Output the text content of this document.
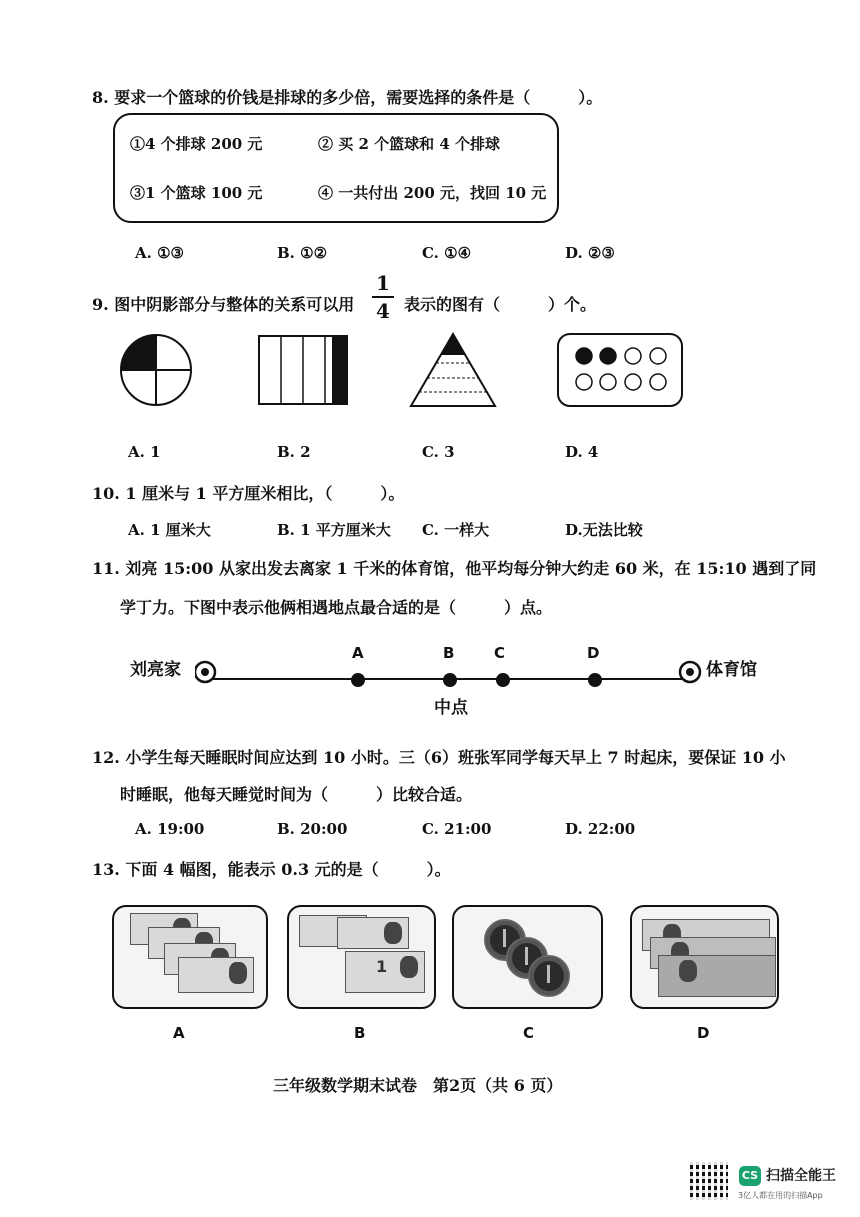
8. 要求一个篮球的价钱是排球的多少倍，需要选择的条件是（　　　）。
①4 个排球 200 元	② 买 2 个篮球和 4 个排球
③1 个篮球 100 元	④ 一共付出 200 元，找回 10 元
A. ①③	B. ①②	C. ①④	D. ②③
9. 图中阴影部分与整体的关系可以用
1
4 表示的图有（　　　）个。
A. 1	B. 2	C. 3	D. 4
10. 1 厘米与 1 平方厘米相比，（　　　）。
A. 1 厘米大	B. 1 平方厘米大 C. 一样大	D.无法比较
11. 刘亮 15:00 从家出发去离家 1 千米的体育馆，他平均每分钟大约走 60 米，在 15:10 遇到了同
学丁力。下图中表示他俩相遇地点最合适的是（　　　）点。
刘亮家	体育馆
A	B	C	D
中点
12. 小学生每天睡眠时间应达到 10 小时。三（6）班张军同学每天早上 7 时起床，要保证 10 小
时睡眠，他每天睡觉时间为（　　　）比较合适。
A. 19:00	B. 20:00	C. 21:00	D. 22:00
13. 下面 4 幅图，能表示 0.3 元的是（　　　）。
1
A	B	C	D
三年级数学期末试卷　第2页（共 6 页）
CS 扫描全能王
3亿人都在用的扫描App
